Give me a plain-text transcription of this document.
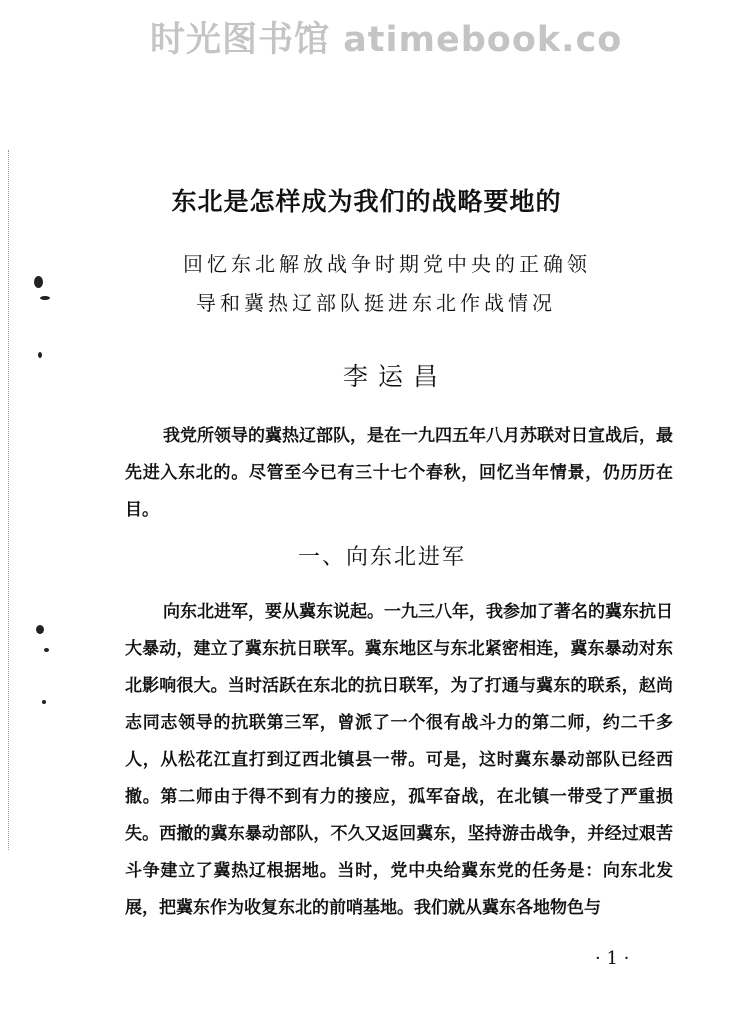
时光图书馆 atimebook.co
东北是怎样成为我们的战略要地的
回忆东北解放战争时期党中央的正确领
导和冀热辽部队挺进东北作战情况
李运昌
我党所领导的冀热辽部队，是在一九四五年八月苏联对日宣战后，最先进入东北的。尽管至今已有三十七个春秋，回忆当年情景，仍历历在目。
一、向东北进军
向东北进军，要从冀东说起。一九三八年，我参加了著名的冀东抗日大暴动，建立了冀东抗日联军。冀东地区与东北紧密相连，冀东暴动对东北影响很大。当时活跃在东北的抗日联军，为了打通与冀东的联系，赵尚志同志领导的抗联第三军，曾派了一个很有战斗力的第二师，约二千多人，从松花江直打到辽西北镇县一带。可是，这时冀东暴动部队已经西撤。第二师由于得不到有力的接应，孤军奋战，在北镇一带受了严重损失。西撤的冀东暴动部队，不久又返回冀东，坚持游击战争，并经过艰苦斗争建立了冀热辽根据地。当时，党中央给冀东党的任务是：向东北发展，把冀东作为收复东北的前哨基地。我们就从冀东各地物色与
· 1 ·
